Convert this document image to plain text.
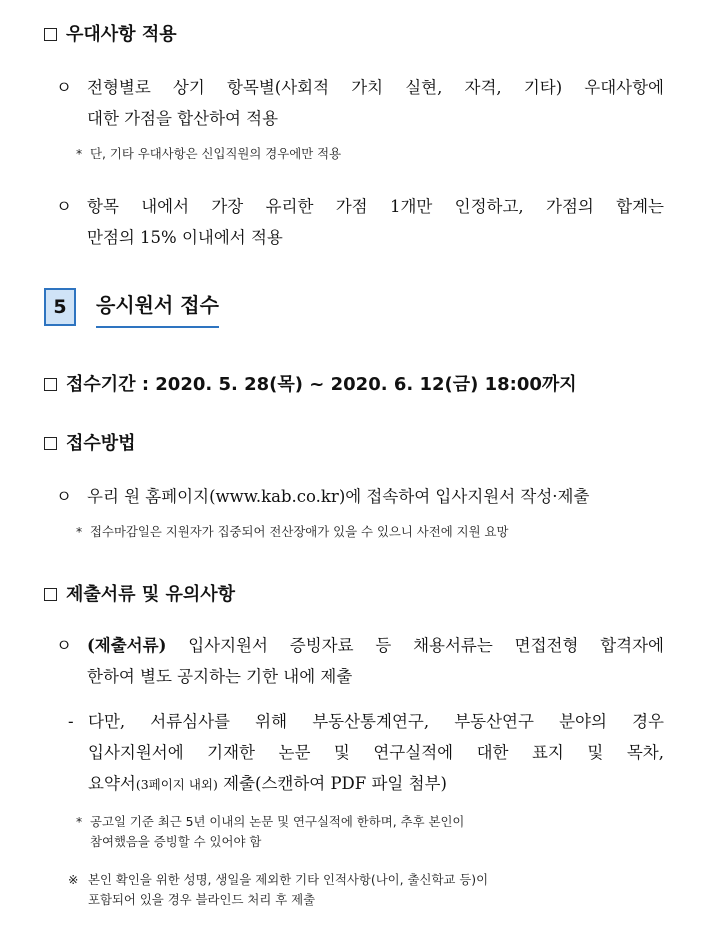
우대사항 적용
ㅇ 전형별로 상기 항목별(사회적 가치 실현, 자격, 기타) 우대사항에
대한 가점을 합산하여 적용
* 단, 기타 우대사항은 신입직원의 경우에만 적용
ㅇ 항목 내에서 가장 유리한 가점 1개만 인정하고, 가점의 합계는
만점의 15% 이내에서 적용
5	응시원서 접수
접수기간 : 2020. 5. 28(목) ~ 2020. 6. 12(금) 18:00까지
접수방법
ㅇ 우리 원 홈페이지(www.kab.co.kr)에 접속하여 입사지원서 작성·제출
* 접수마감일은 지원자가 집중되어 전산장애가 있을 수 있으니 사전에 지원 요망
제출서류 및 유의사항
ㅇ (제출서류) 입사지원서 증빙자료 등 채용서류는 면접전형 합격자에
한하여 별도 공지하는 기한 내에 제출
- 다만, 서류심사를 위해 부동산통계연구, 부동산연구 분야의 경우
입사지원서에 기재한 논문 및 연구실적에 대한 표지 및 목차,
요약서(3페이지 내외) 제출(스캔하여 PDF 파일 첨부)
* 공고일 기준 최근 5년 이내의 논문 및 연구실적에 한하며, 추후 본인이
참여했음을 증빙할 수 있어야 함
※ 본인 확인을 위한 성명, 생일을 제외한 기타 인적사항(나이, 출신학교 등)이
포함되어 있을 경우 블라인드 처리 후 제출
